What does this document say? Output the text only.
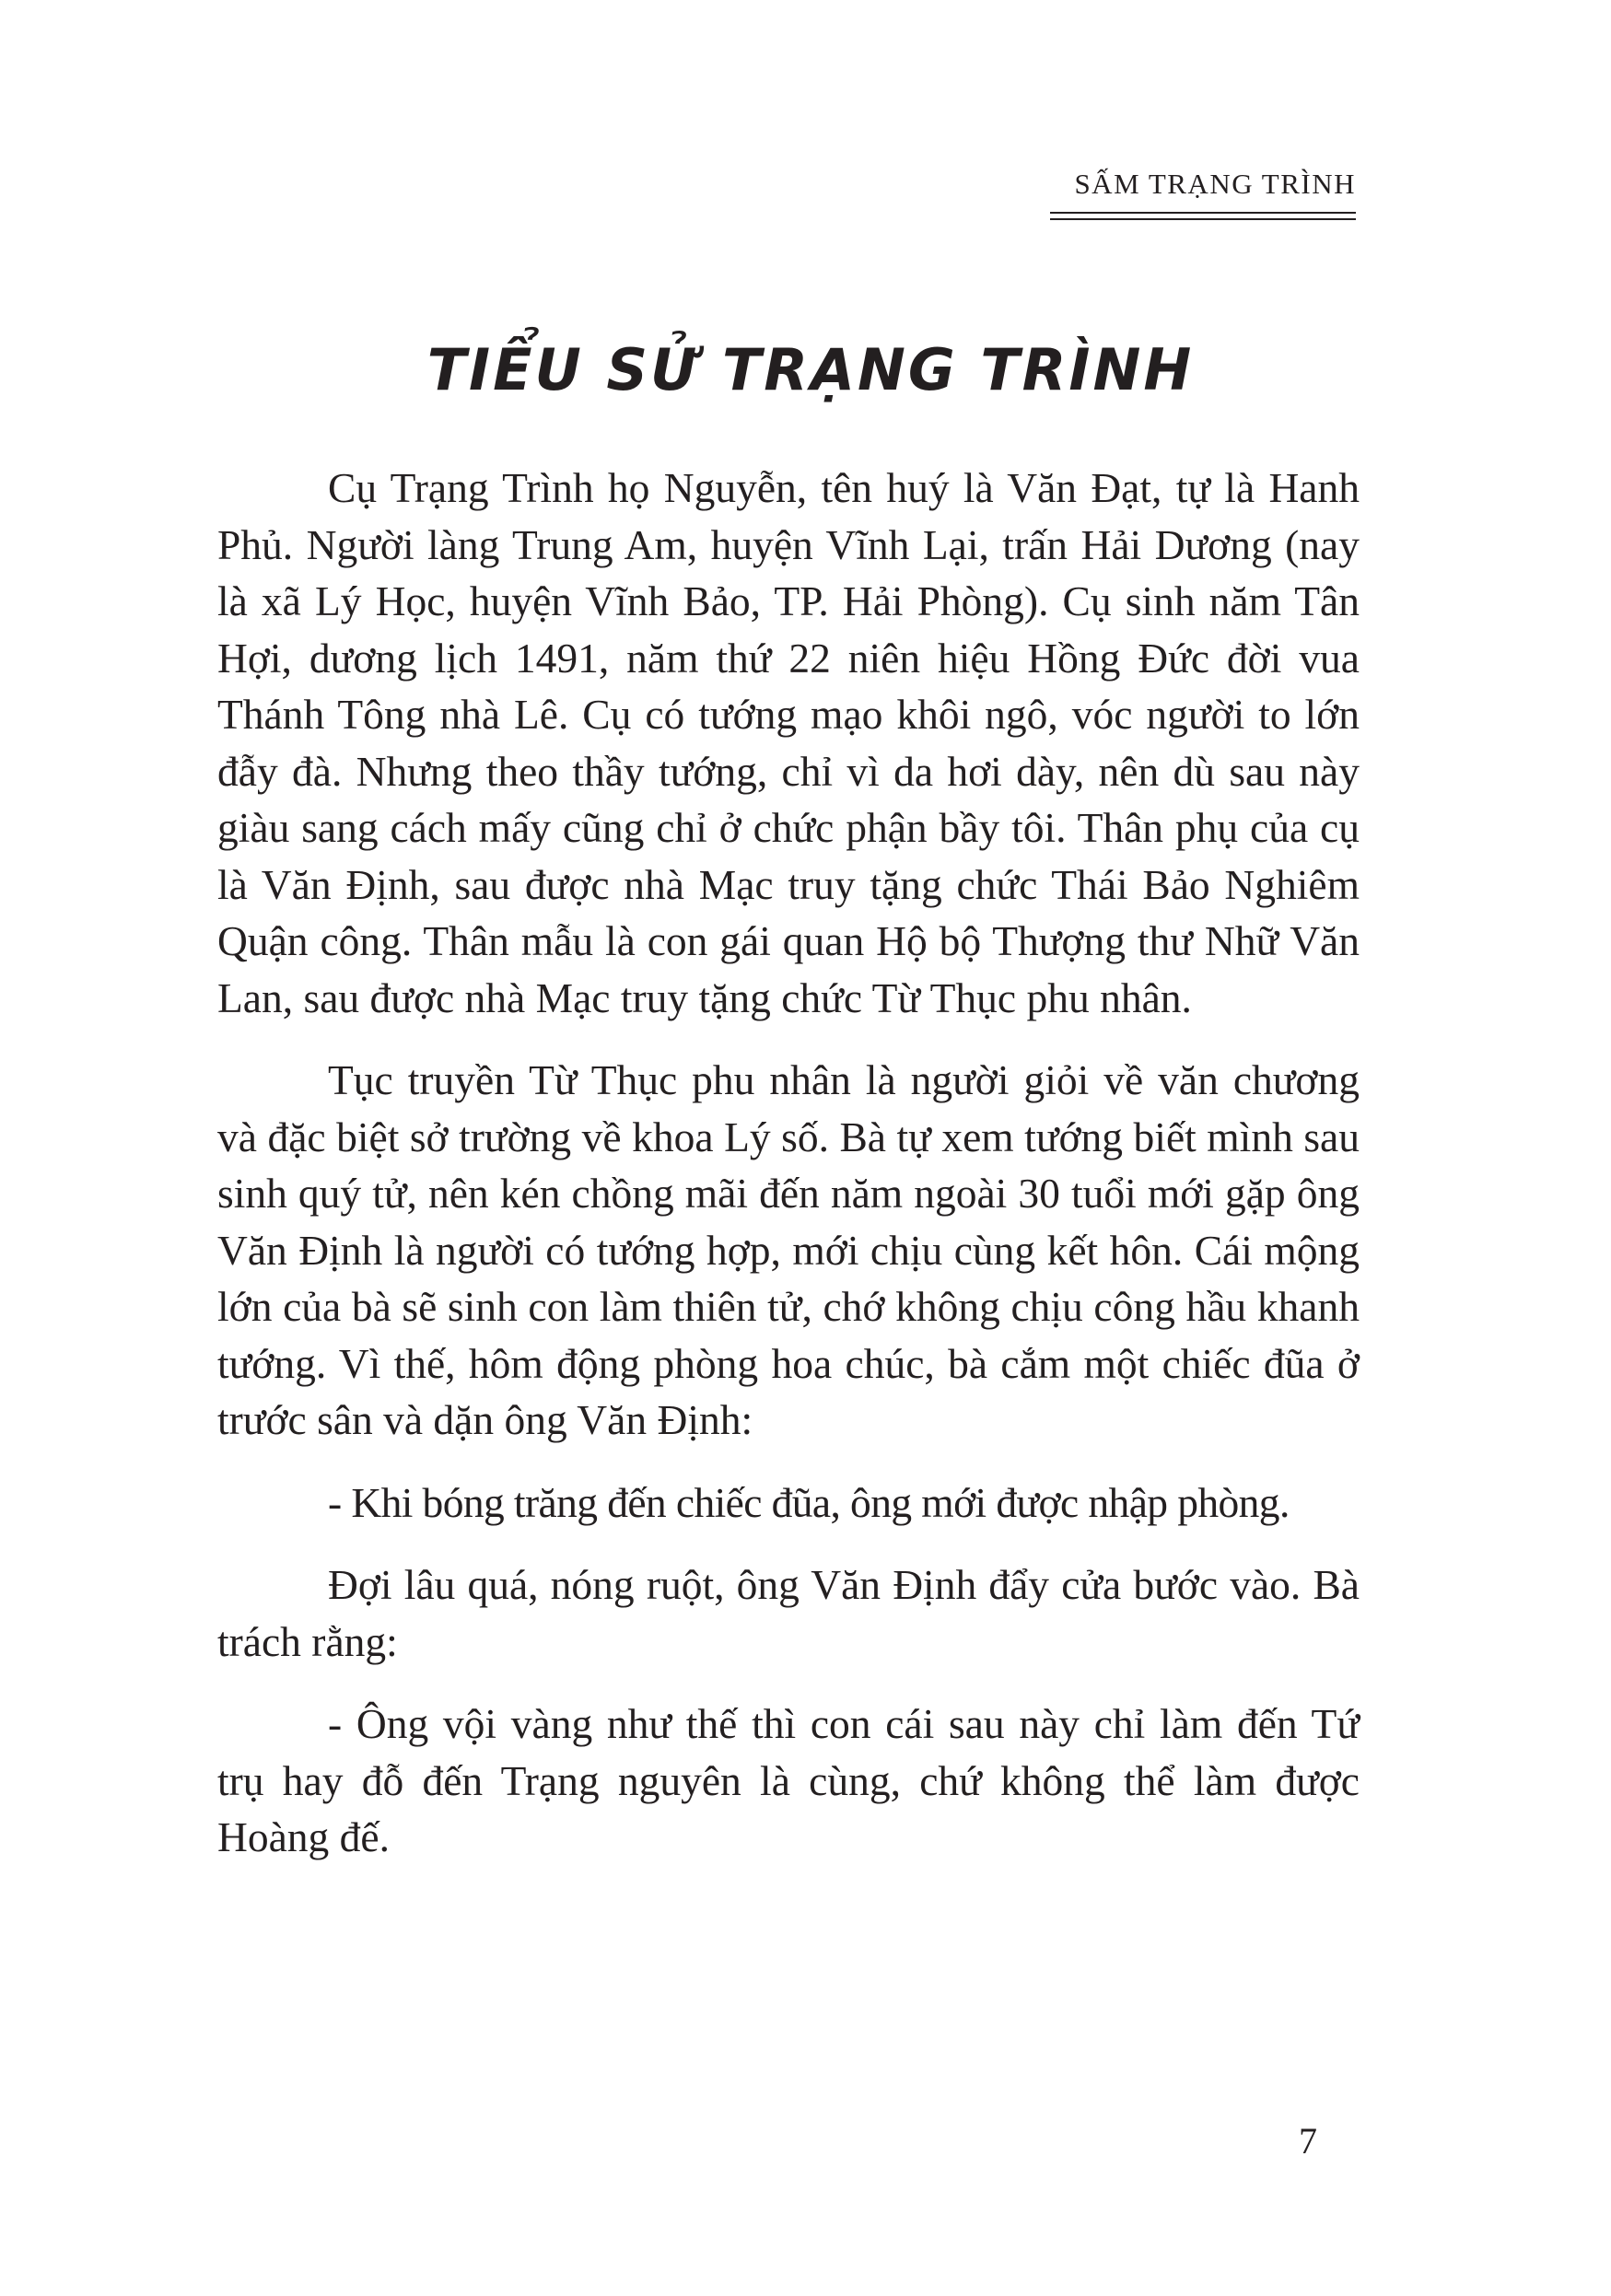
SẤM TRẠNG TRÌNH
TIỂU SỬ TRẠNG TRÌNH

Cụ Trạng Trình họ Nguyễn, tên huý là Văn Đạt, tự là Hanh Phủ. Người làng Trung Am, huyện Vĩnh Lại, trấn Hải Dương (nay là xã Lý Học, huyện Vĩnh Bảo, TP. Hải Phòng). Cụ sinh năm Tân Hợi, dương lịch 1491, năm thứ 22 niên hiệu Hồng Đức đời vua Thánh Tông nhà Lê. Cụ có tướng mạo khôi ngô, vóc người to lớn đẫy đà. Nhưng theo thầy tướng, chỉ vì da hơi dày, nên dù sau này giàu sang cách mấy cũng chỉ ở chức phận bầy tôi. Thân phụ của cụ là Văn Định, sau được nhà Mạc truy tặng chức Thái Bảo Nghiêm Quận công. Thân mẫu là con gái quan Hộ bộ Thượng thư Nhữ Văn Lan, sau được nhà Mạc truy tặng chức Từ Thục phu nhân.

Tục truyền Từ Thục phu nhân là người giỏi về văn chương và đặc biệt sở trường về khoa Lý số. Bà tự xem tướng biết mình sau sinh quý tử, nên kén chồng mãi đến năm ngoài 30 tuổi mới gặp ông Văn Định là người có tướng hợp, mới chịu cùng kết hôn. Cái mộng lớn của bà sẽ sinh con làm thiên tử, chớ không chịu công hầu khanh tướng. Vì thế, hôm động phòng hoa chúc, bà cắm một chiếc đũa ở trước sân và dặn ông Văn Định:

- Khi bóng trăng đến chiếc đũa, ông mới được nhập phòng.

Đợi lâu quá, nóng ruột, ông Văn Định đẩy cửa bước vào. Bà trách rằng:

- Ông vội vàng như thế thì con cái sau này chỉ làm đến Tứ trụ hay đỗ đến Trạng nguyên là cùng, chứ không thể làm được Hoàng đế.

7
